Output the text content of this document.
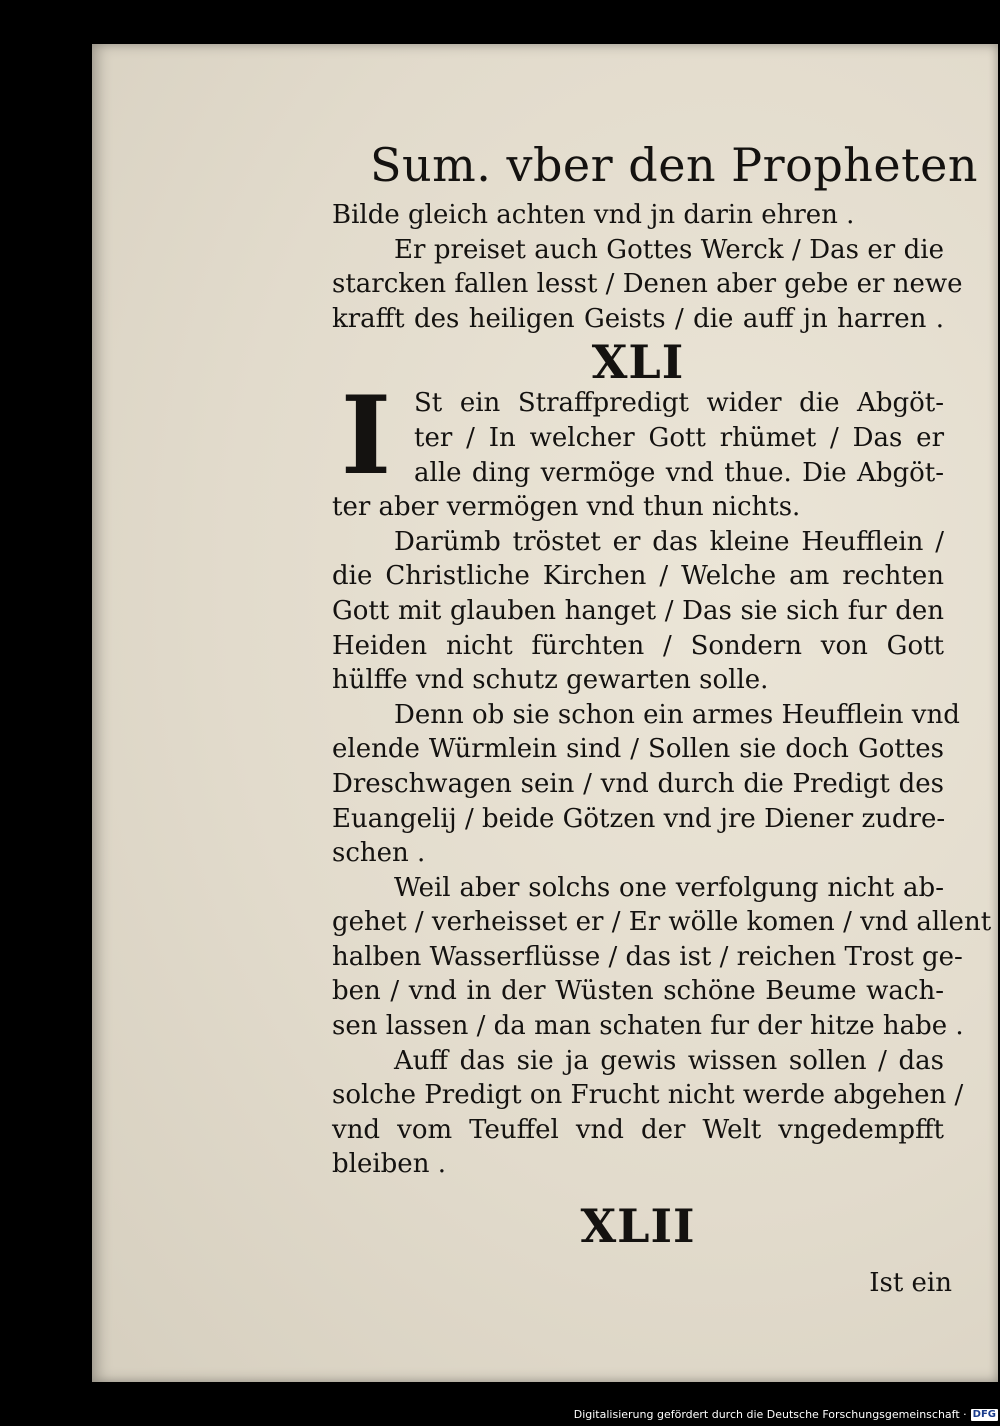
Sum. vber den Propheten
Bilde gleich achten vnd jn darin ehren .
Er preiset auch Gottes Werck / Das er die
starcken fallen lesst / Denen aber gebe er newe
krafft des heiligen Geists / die auff jn harren .
XLI
I St ein Straffpredigt wider die Abgöt-
ter / In welcher Gott rhümet / Das er
alle ding vermöge vnd thue. Die Abgöt-
ter aber vermögen vnd thun nichts.
Darümb tröstet er das kleine Heufflein /
die Christliche Kirchen / Welche am rechten
Gott mit glauben hanget / Das sie sich fur den
Heiden nicht fürchten / Sondern von Gott
hülffe vnd schutz gewarten solle.
Denn ob sie schon ein armes Heufflein vnd
elende Würmlein sind / Sollen sie doch Gottes
Dreschwagen sein / vnd durch die Predigt des
Euangelij / beide Götzen vnd jre Diener zudre-
schen .
Weil aber solchs one verfolgung nicht ab-
gehet / verheisset er / Er wölle komen / vnd allent
halben Wasserflüsse / das ist / reichen Trost ge-
ben / vnd in der Wüsten schöne Beume wach-
sen lassen / da man schaten fur der hitze habe .
Auff das sie ja gewis wissen sollen / das
solche Predigt on Frucht nicht werde abgehen /
vnd vom Teuffel vnd der Welt vngedempfft
bleiben .
XLII
Ist ein
Digitalisierung gefördert durch die Deutsche Forschungsgemeinschaft · DFG
